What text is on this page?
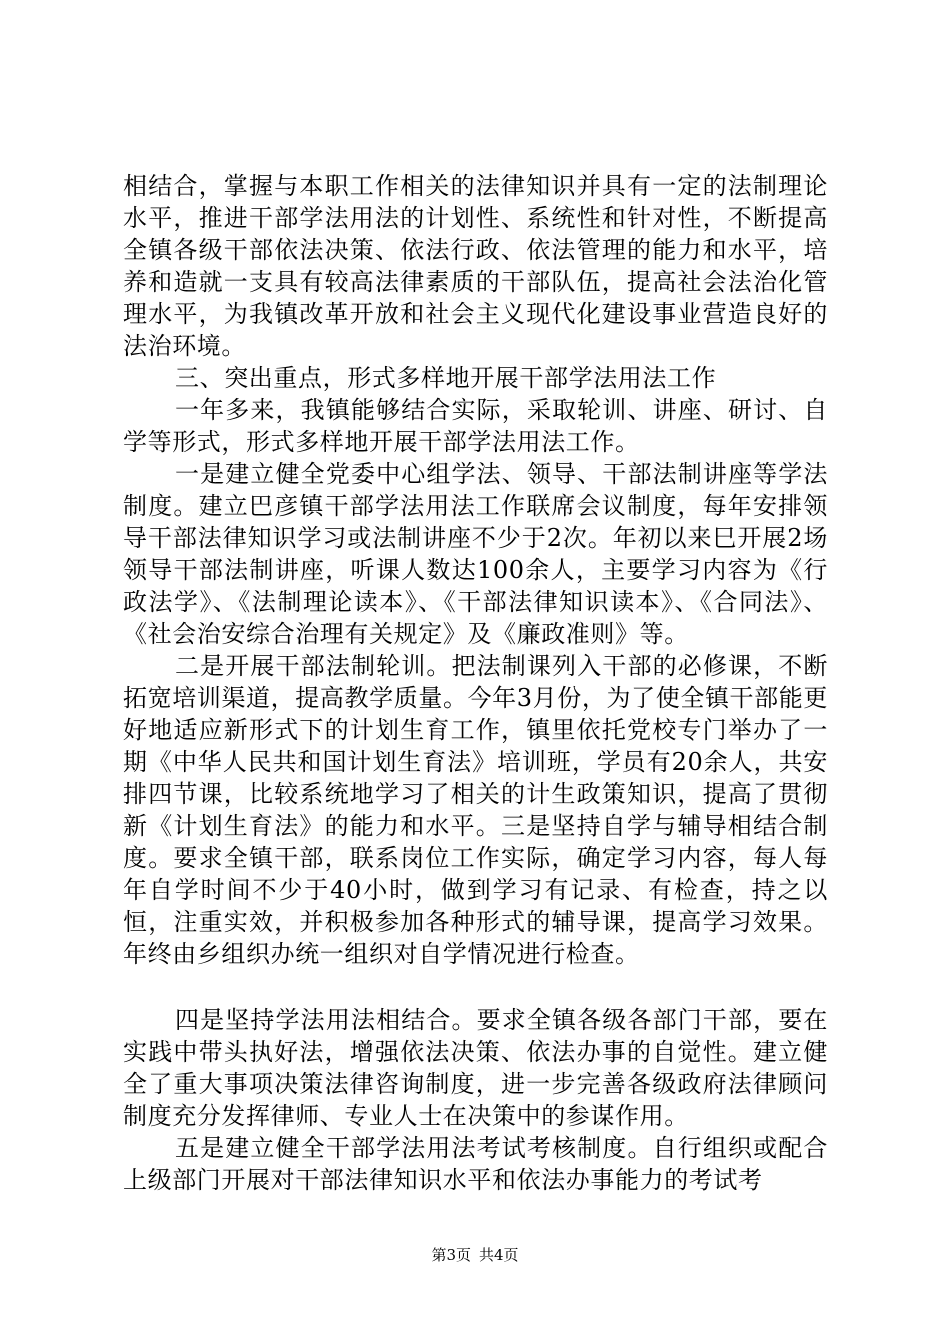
相结合，掌握与本职工作相关的法律知识并具有一定的法制理论水平，推进干部学法用法的计划性、系统性和针对性，不断提高全镇各级干部依法决策、依法行政、依法管理的能力和水平，培养和造就一支具有较高法律素质的干部队伍，提高社会法治化管理水平，为我镇改革开放和社会主义现代化建设事业营造良好的法治环境。

三、突出重点，形式多样地开展干部学法用法工作

一年多来，我镇能够结合实际，采取轮训、讲座、研讨、自学等形式，形式多样地开展干部学法用法工作。

一是建立健全党委中心组学法、领导、干部法制讲座等学法制度。建立巴彦镇干部学法用法工作联席会议制度，每年安排领导干部法律知识学习或法制讲座不少于2次。年初以来巳开展2场领导干部法制讲座，听课人数达100余人，主要学习内容为《行政法学》、《法制理论读本》、《干部法律知识读本》、《合同法》、《社会治安综合治理有关规定》及《廉政准则》等。

二是开展干部法制轮训。把法制课列入干部的必修课，不断拓宽培训渠道，提高教学质量。今年3月份，为了使全镇干部能更好地适应新形式下的计划生育工作，镇里依托党校专门举办了一期《中华人民共和国计划生育法》培训班，学员有20余人，共安排四节课，比较系统地学习了相关的计生政策知识，提高了贯彻新《计划生育法》的能力和水平。三是坚持自学与辅导相结合制度。要求全镇干部，联系岗位工作实际，确定学习内容，每人每年自学时间不少于40小时，做到学习有记录、有检查，持之以恒，注重实效，并积极参加各种形式的辅导课，提高学习效果。年终由乡组织办统一组织对自学情况进行检查。

四是坚持学法用法相结合。要求全镇各级各部门干部，要在实践中带头执好法，增强依法决策、依法办事的自觉性。建立健全了重大事项决策法律咨询制度，进一步完善各级政府法律顾问制度充分发挥律师、专业人士在决策中的参谋作用。

五是建立健全干部学法用法考试考核制度。自行组织或配合上级部门开展对干部法律知识水平和依法办事能力的考试考

第3页 共4页
